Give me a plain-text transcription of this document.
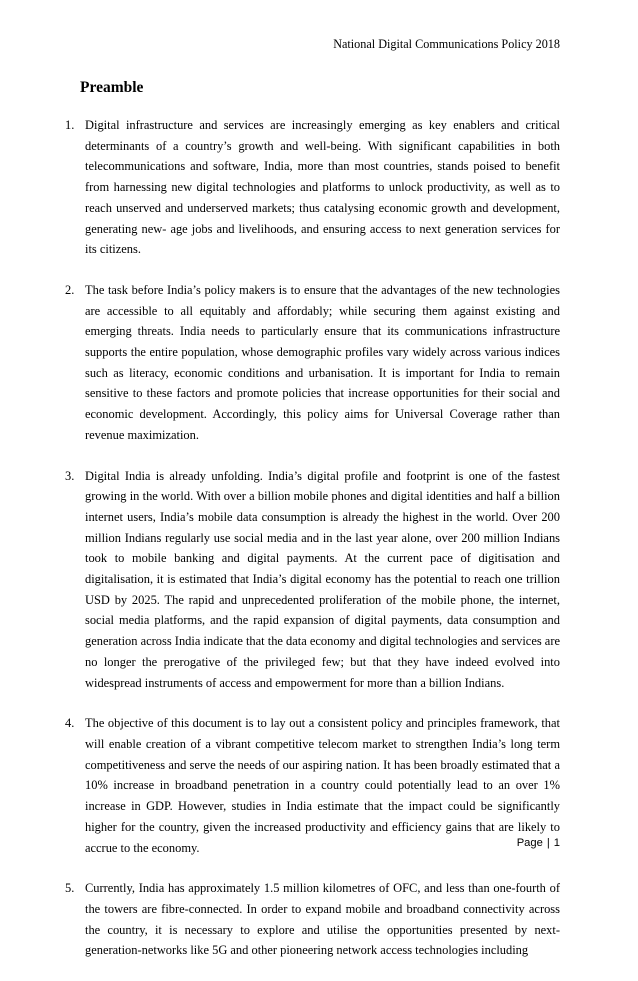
National Digital Communications Policy 2018
Preamble
1. Digital infrastructure and services are increasingly emerging as key enablers and critical determinants of a country’s growth and well-being. With significant capabilities in both telecommunications and software, India, more than most countries, stands poised to benefit from harnessing new digital technologies and platforms to unlock productivity, as well as to reach unserved and underserved markets; thus catalysing economic growth and development, generating new- age jobs and livelihoods, and ensuring access to next generation services for its citizens.
2. The task before India’s policy makers is to ensure that the advantages of the new technologies are accessible to all equitably and affordably; while securing them against existing and emerging threats. India needs to particularly ensure that its communications infrastructure supports the entire population, whose demographic profiles vary widely across various indices such as literacy, economic conditions and urbanisation. It is important for India to remain sensitive to these factors and promote policies that increase opportunities for their social and economic development. Accordingly, this policy aims for Universal Coverage rather than revenue maximization.
3. Digital India is already unfolding. India’s digital profile and footprint is one of the fastest growing in the world. With over a billion mobile phones and digital identities and half a billion internet users, India’s mobile data consumption is already the highest in the world. Over 200 million Indians regularly use social media and in the last year alone, over 200 million Indians took to mobile banking and digital payments. At the current pace of digitisation and digitalisation, it is estimated that India’s digital economy has the potential to reach one trillion USD by 2025. The rapid and unprecedented proliferation of the mobile phone, the internet, social media platforms, and the rapid expansion of digital payments, data consumption and generation across India indicate that the data economy and digital technologies and services are no longer the prerogative of the privileged few; but that they have indeed evolved into widespread instruments of access and empowerment for more than a billion Indians.
4. The objective of this document is to lay out a consistent policy and principles framework, that will enable creation of a vibrant competitive telecom market to strengthen India’s long term competitiveness and serve the needs of our aspiring nation. It has been broadly estimated that a 10% increase in broadband penetration in a country could potentially lead to an over 1% increase in GDP. However, studies in India estimate that the impact could be significantly higher for the country, given the increased productivity and efficiency gains that are likely to accrue to the economy.
5. Currently, India has approximately 1.5 million kilometres of OFC, and less than one-fourth of the towers are fibre-connected. In order to expand mobile and broadband connectivity across the country, it is necessary to explore and utilise the opportunities presented by next-generation-networks like 5G and other pioneering network access technologies including
Page | 1
